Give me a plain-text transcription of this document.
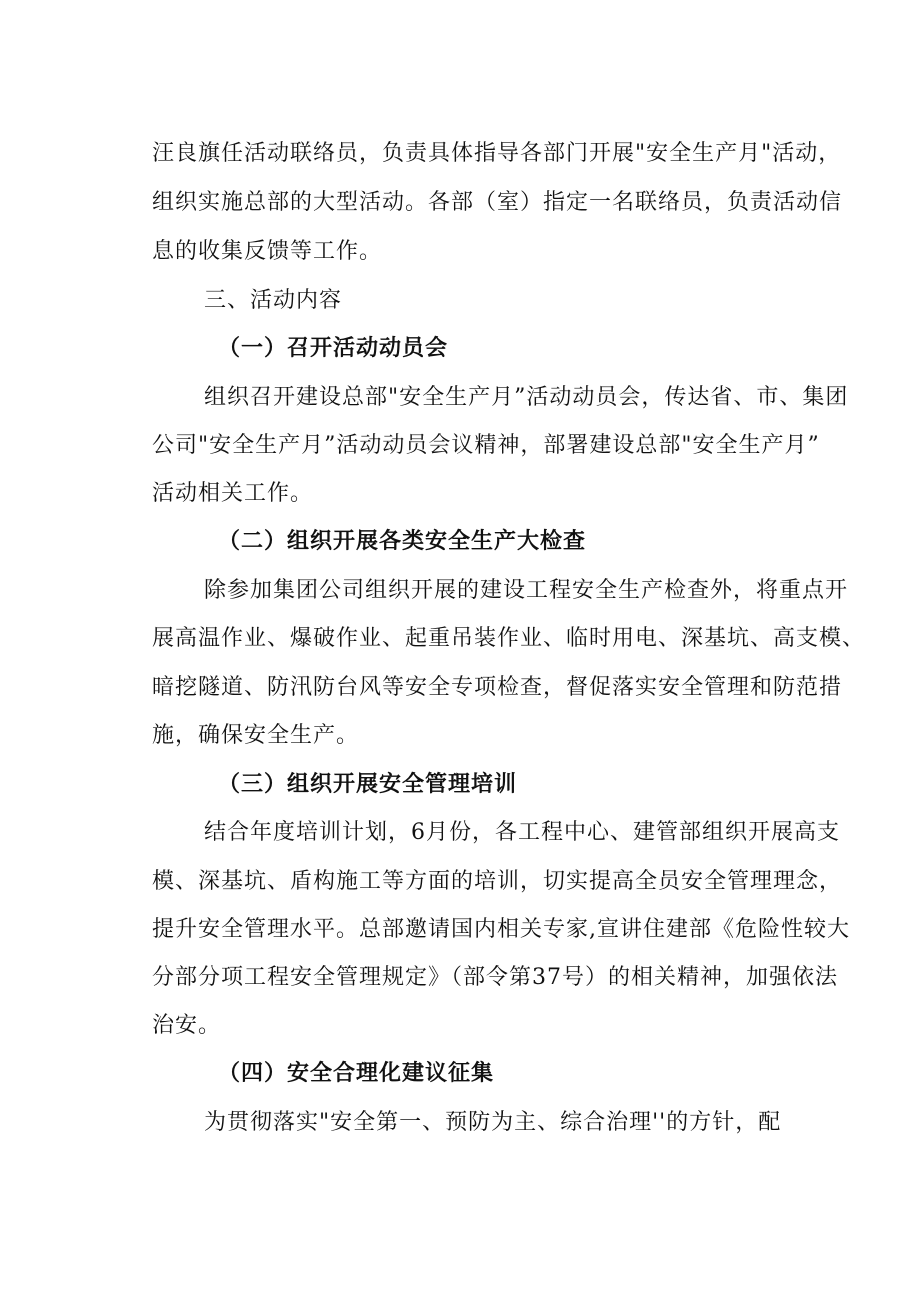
汪良旗任活动联络员，负责具体指导各部门开展"安全生产月"活动，
组织实施总部的大型活动。各部（室）指定一名联络员，负责活动信
息的收集反馈等工作。
三、活动内容
（一）召开活动动员会
组织召开建设总部"安全生产月”活动动员会，传达省、市、集团
公司"安全生产月”活动动员会议精神，部署建设总部"安全生产月”
活动相关工作。
（二）组织开展各类安全生产大检查
除参加集团公司组织开展的建设工程安全生产检查外，将重点开
展高温作业、爆破作业、起重吊装作业、临时用电、深基坑、高支模、
暗挖隧道、防汛防台风等安全专项检查，督促落实安全管理和防范措
施，确保安全生产。
（三）组织开展安全管理培训
结合年度培训计划，6月份，各工程中心、建管部组织开展高支
模、深基坑、盾构施工等方面的培训，切实提高全员安全管理理念，
提升安全管理水平。总部邀请国内相关专家,宣讲住建部《危险性较大
分部分项工程安全管理规定》（部令第37号）的相关精神，加强依法
治安。
（四）安全合理化建议征集
为贯彻落实"安全第一、预防为主、综合治理''的方针，配
